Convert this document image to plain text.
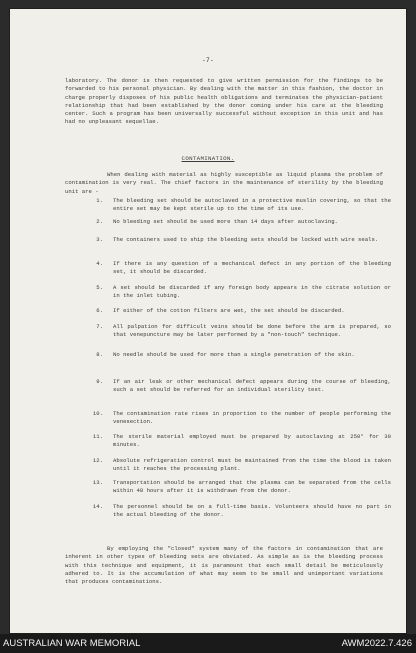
-7-
laboratory. The donor is then requested to give written permission for the findings to be forwarded to his personal physician. By dealing with the matter in this fashion, the doctor in charge properly disposes of his public health obligations and terminates the physician-patient relationship that had been established by the donor coming under his care at the bleeding center. Such a program has been universally successful without exception in this unit and has had no unpleasant sequellae.
CONTAMINATION.
When dealing with material as highly susceptible as liquid plasma the problem of contamination is very real. The chief factors in the maintenance of sterility by the bleeding unit are -
1. The bleeding set should be autoclaved in a protective muslin covering, so that the entire set may be kept sterile up to the time of its use.
2. No bleeding set should be used more than 14 days after autoclaving.
3. The containers used to ship the bleeding sets should be locked with wire seals.
4. If there is any question of a mechanical defect in any portion of the bleeding set, it should be discarded.
5. A set should be discarded if any foreign body appears in the citrate solution or in the inlet tubing.
6. If either of the cotton filters are wet, the set should be discarded.
7. All palpation for difficult veins should be done before the arm is prepared, so that venepuncture may be later performed by a "non-touch" technique.
8. No needle should be used for more than a single penetration of the skin.
9. If an air leak or other mechanical defect appears during the course of bleeding, such a set should be referred for an individual sterility test.
10. The contamination rate rises in proportion to the number of people performing the venesection.
11. The sterile material employed must be prepared by autoclaving at 250° for 30 minutes.
12. Absolute refrigeration control must be maintained from the time the blood is taken until it reaches the processing plant.
13. Transportation should be arranged that the plasma can be separated from the cells within 48 hours after it is withdrawn from the donor.
14. The personnel should be on a full-time basis. Volunteers should have no part in the actual bleeding of the donor.
By employing the "closed" system many of the factors in contamination that are inherent in other types of bleeding sets are obviated. As simple as is the bleeding process with this technique and equipment, it is paramount that each small detail be meticulously adhered to. It is the accumulation of what may seem to be small and unimportant variations that produces contaminations.
AUSTRALIAN WAR MEMORIAL	AWM2022.7.426
